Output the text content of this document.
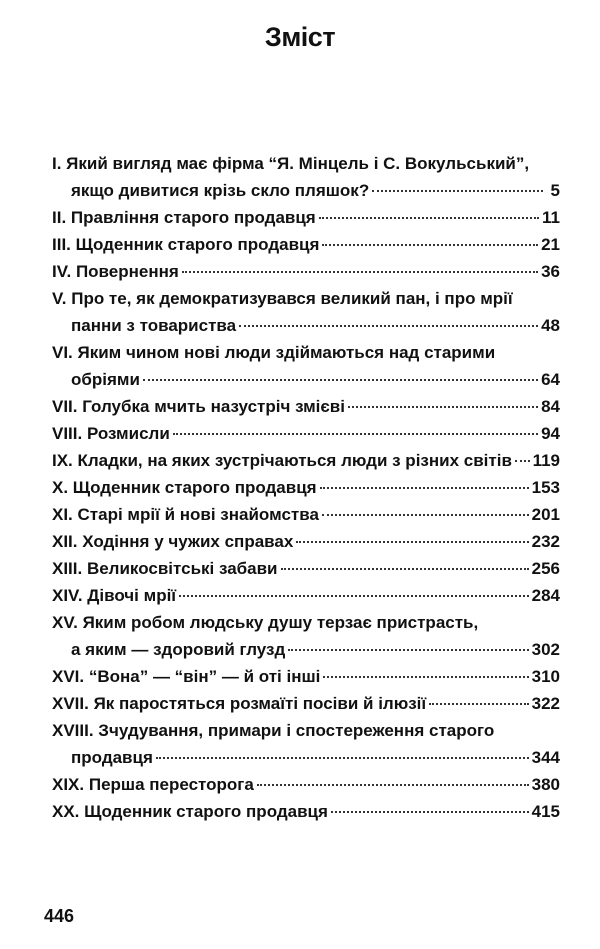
Зміст
I. Який вигляд має фірма “Я. Мінцель і С. Вокульський”,
якщо дивитися крізь скло пляшок?	5
II. Правління старого продавця	11
III. Щоденник старого продавця	21
IV. Повернення	36
V. Про те, як демократизувався великий пан, і про мрії
панни з товариства	48
VI. Яким чином нові люди здіймаються над старими
обріями	64
VII. Голубка мчить назустріч змієві	84
VIII. Розмисли	94
IX. Кладки, на яких зустрічаються люди з різних світів 119
X. Щоденник старого продавця	153
XI. Старі мрії й нові знайомства	201
XII. Ходіння у чужих справах	232
XIII. Великосвітські забави	256
XIV. Дівочі мрії	284
XV. Яким робом людську душу терзає пристрасть,
а яким — здоровий глузд	302
XVI. “Вона” — “він” — й оті інші	310
XVII. Як паростяться розмаїті посіви й ілюзії	322
XVIII. Зчудування, примари і спостереження старого
продавця	344
XIX. Перша пересторога	380
XX. Щоденник старого продавця	415
446
